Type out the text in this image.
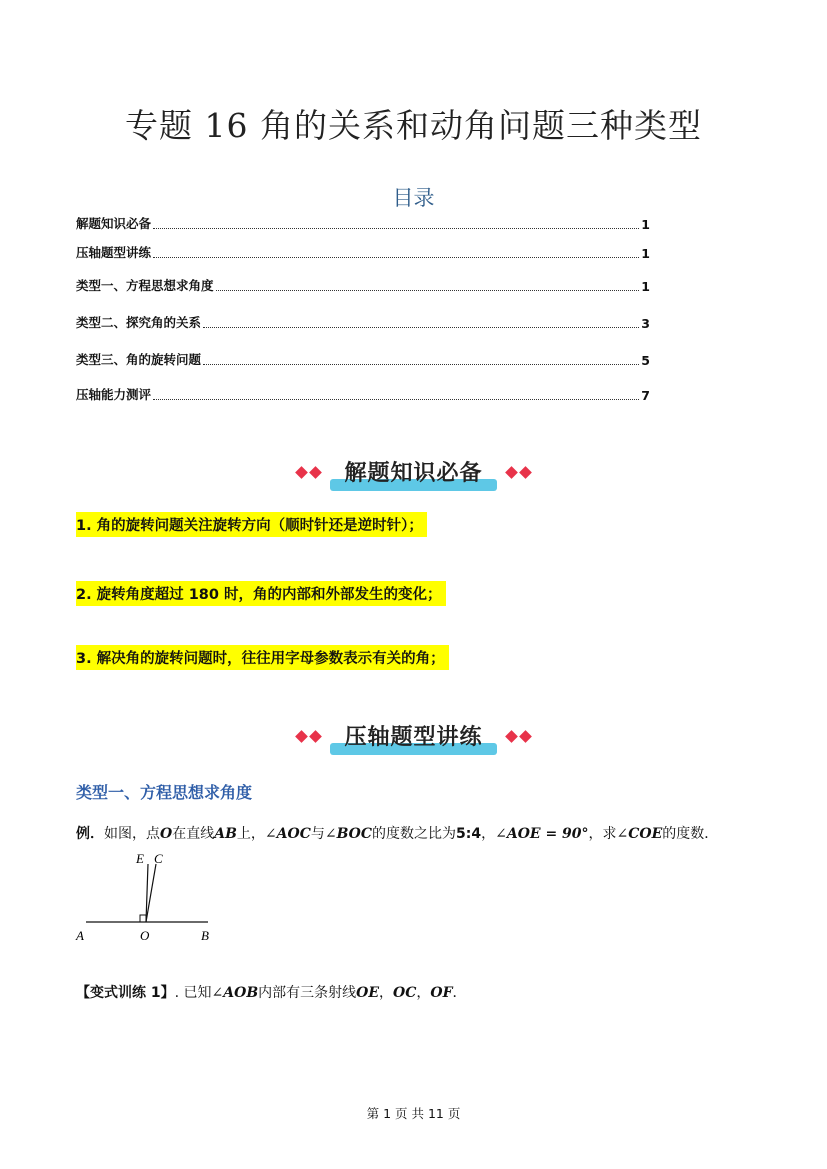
专题 16 角的关系和动角问题三种类型
目录
解题知识必备	1
压轴题型讲练	1
类型一、方程思想求角度	1
类型二、探究角的关系	3
类型三、角的旋转问题	5
压轴能力测评	7
解题知识必备
1. 角的旋转问题关注旋转方向（顺时针还是逆时针）；
2. 旋转角度超过 180 时，角的内部和外部发生的变化；
3. 解决角的旋转问题时，往往用字母参数表示有关的角；
压轴题型讲练
类型一、方程思想求角度
例．如图，点O在直线AB上，∠AOC与∠BOC的度数之比为5:4，∠AOE = 90°，求∠COE的度数．
E C
A	O	B
【变式训练 1】. 已知∠AOB内部有三条射线OE，OC，OF．
第 1 页 共 11 页
